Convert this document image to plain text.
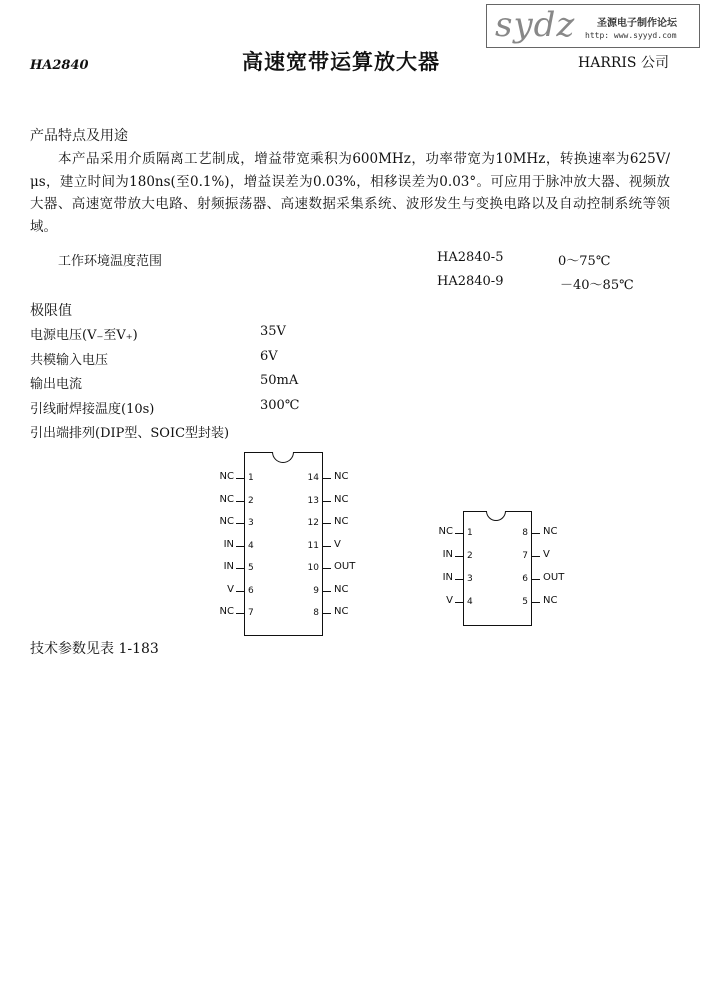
sydz 圣源电子制作论坛
http: www.syyyd.com
HA2840	高速宽带运算放大器	HARRIS 公司
产品特点及用途
本产品采用介质隔离工艺制成，增益带宽乘积为600MHz，功率带宽为10MHz，转换速率为625V/μs，建立时间为180ns(至0.1%)，增益误差为0.03%，相移误差为0.03°。可应用于脉冲放大器、视频放大器、高速宽带放大电路、射频振荡器、高速数据采集系统、波形发生与变换电路以及自动控制系统等领域。
工作环境温度范围	HA2840-5	0～75℃
HA2840-9	－40～85℃
极限值
电源电压(V₋至V₊)	35V
共模输入电压	6V
输出电流	50mA
引线耐焊接温度(10s)	300℃
引出端排列(DIP型、SOIC型封装)
1
NC
2
NC
3
NC
4
IN
5
IN
6
V
7
NC
14 NC
13 NC
12 NC
11 V
10 OUT
9 NC
8 NC
1
NC
2
IN
3
IN
4
V
8 NC
7 V
6 OUT
5 NC
技术参数见表 1-183
